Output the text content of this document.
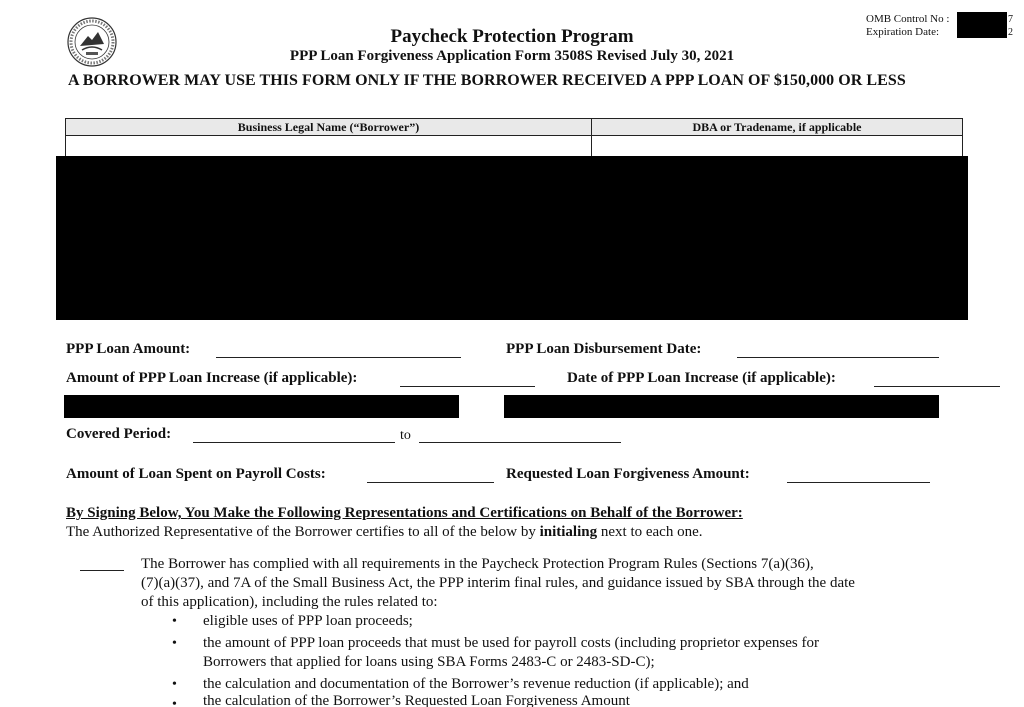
Paycheck Protection Program
PPP Loan Forgiveness Application Form 3508S Revised July 30, 2021
A BORROWER MAY USE THIS FORM ONLY IF THE BORROWER RECEIVED A PPP LOAN OF $150,000 OR LESS
OMB Control No :
Expiration Date:
7
2
Business Legal Name (“Borrower”)	DBA or Tradename, if applicable
PPP Loan Amount:	PPP Loan Disbursement Date:
Amount of PPP Loan Increase (if applicable):	Date of PPP Loan Increase (if applicable):
Covered Period:	to
Amount of Loan Spent on Payroll Costs:	Requested Loan Forgiveness Amount:
By Signing Below, You Make the Following Representations and Certifications on Behalf of the Borrower:
The Authorized Representative of the Borrower certifies to all of the below by initialing next to each one.
The Borrower has complied with all requirements in the Paycheck Protection Program Rules (Sections 7(a)(36),
(7)(a)(37), and 7A of the Small Business Act, the PPP interim final rules, and guidance issued by SBA through the date
of this application), including the rules related to:
• eligible uses of PPP loan proceeds;
• the amount of PPP loan proceeds that must be used for payroll costs (including proprietor expenses for
Borrowers that applied for loans using SBA Forms 2483-C or 2483-SD-C);
• the calculation and documentation of the Borrower’s revenue reduction (if applicable); and
• the calculation of the Borrower’s Requested Loan Forgiveness Amount
